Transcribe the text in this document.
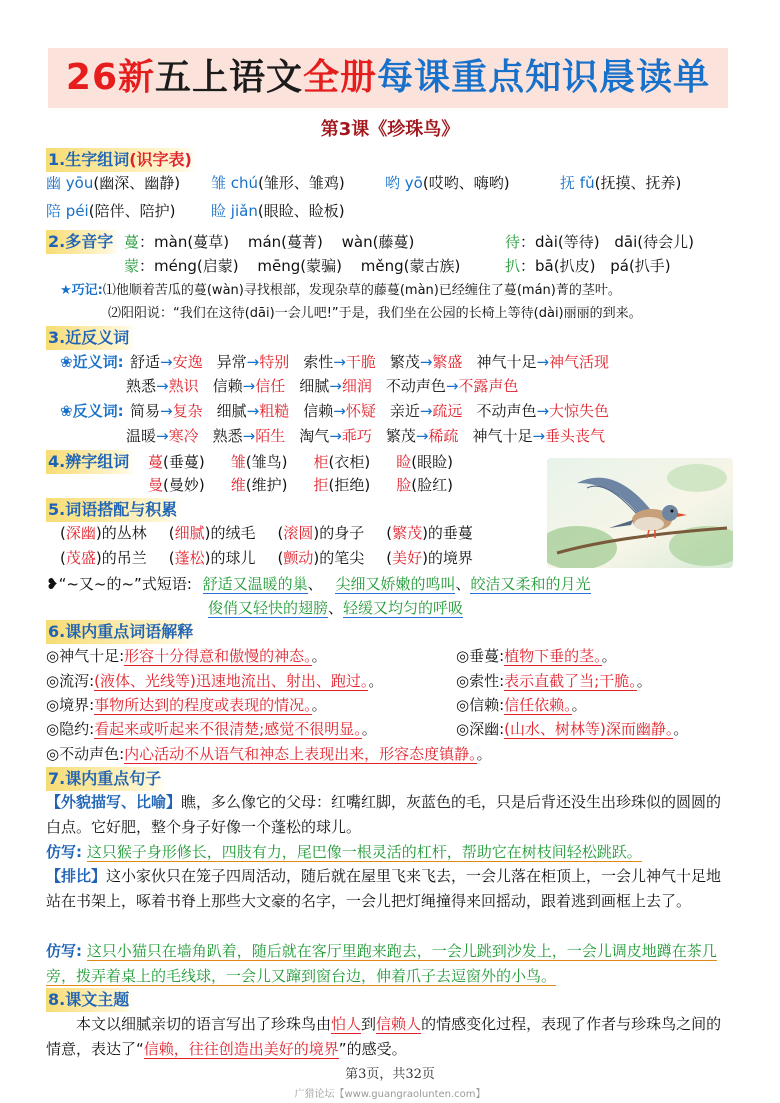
26新五上语文全册每课重点知识晨读单
第3课《珍珠鸟》
1.生字组词(识字表)
幽 yōu(幽深、幽静) 雏 chú(雏形、雏鸡)	哟 yō(哎哟、嗨哟)	抚 fǔ(抚摸、抚养)
陪 péi(陪伴、陪护) 睑 jiǎn(眼睑、睑板)
2.多音字 蔓：màn(蔓草) mán(蔓菁) wàn(藤蔓)	待：dài(等待) dāi(待会儿)
蒙：méng(启蒙) mēng(蒙骗) měng(蒙古族)	扒：bā(扒皮) pá(扒手)
★巧记:⑴他顺着苦瓜的蔓(wàn)寻找根部，发现杂草的藤蔓(màn)已经缠住了蔓(mán)菁的茎叶。
⑵阳阳说：“我们在这待(dāi)一会儿吧!”于是，我们坐在公园的长椅上等待(dài)丽丽的到来。
3.近反义词
❀近义词: 舒适→安逸 异常→特别 索性→干脆 繁茂→繁盛 神气十足→神气活现
熟悉→熟识 信赖→信任 细腻→细润 不动声色→不露声色
❀反义词: 简易→复杂 细腻→粗糙 信赖→怀疑 亲近→疏远 不动声色→大惊失色
温暖→寒冷 熟悉→陌生 淘气→乖巧 繁茂→稀疏 神气十足→垂头丧气
4.辨字组词	蔓(垂蔓) 雏(雏鸟) 柜(衣柜) 睑(眼睑)
曼(曼妙) 维(维护) 拒(拒绝) 脸(脸红)
5.词语搭配与积累
(深幽)的丛林 (细腻)的绒毛 (滚圆)的身子 (繁茂)的垂蔓
(茂盛)的吊兰 (蓬松)的球儿 (颤动)的笔尖 (美好)的境界
❥“~又~的~”式短语: 舒适又温暖的巢、 尖细又娇嫩的鸣叫、皎洁又柔和的月光
俊俏又轻快的翅膀、轻缓又均匀的呼吸
6.课内重点词语解释
◎神气十足:形容十分得意和傲慢的神态。。
◎流泻:(液体、光线等)迅速地流出、射出、跑过。。
◎境界:事物所达到的程度或表现的情况。。
◎隐约:看起来或听起来不很清楚;感觉不很明显。。
◎不动声色:内心活动不从语气和神态上表现出来，形容态度镇静。。
◎垂蔓:植物下垂的茎。。
◎索性:表示直截了当;干脆。。
◎信赖:信任依赖。。
◎深幽:(山水、树林等)深而幽静。。
7.课内重点句子
【外貌描写、比喻】瞧，多么像它的父母：红嘴红脚，灰蓝色的毛，只是后背还没生出珍珠似的圆圆的白点。它好肥，整个身子好像一个蓬松的球儿。
仿写: 这只猴子身形修长，四肢有力，尾巴像一根灵活的杠杆，帮助它在树枝间轻松跳跃。
【排比】这小家伙只在笼子四周活动，随后就在屋里飞来飞去，一会儿落在柜顶上，一会儿神气十足地站在书架上，啄着书脊上那些大文豪的名字，一会儿把灯绳撞得来回摇动，跟着逃到画框上去了。
仿写: 这只小猫只在墙角趴着，随后就在客厅里跑来跑去，一会儿跳到沙发上，一会儿调皮地蹲在茶几旁，拨弄着桌上的毛线球，一会儿又蹿到窗台边，伸着爪子去逗窗外的小鸟。
8.课文主题
本文以细腻亲切的语言写出了珍珠鸟由怕人到信赖人的情感变化过程，表现了作者与珍珠鸟之间的情意，表达了“信赖，往往创造出美好的境界”的感受。
第3页，共32页
广猎论坛【www.guangraolunten.com】
